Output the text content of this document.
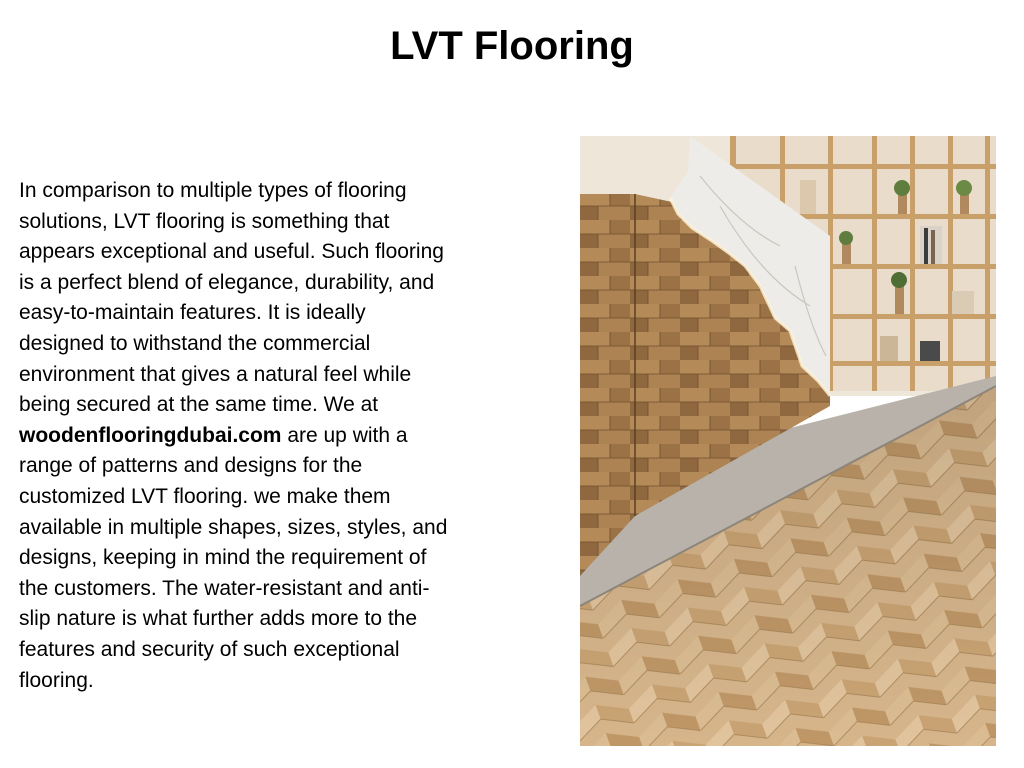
LVT Flooring
In comparison to multiple types of flooring solutions, LVT flooring is something that appears exceptional and useful. Such flooring is a perfect blend of elegance, durability, and easy-to-maintain features. It is ideally designed to withstand the commercial environment that gives a natural feel while being secured at the same time. We at woodenflooringdubai.com are up with a range of patterns and designs for the customized LVT flooring. we make them available in multiple shapes, sizes, styles, and designs, keeping in mind the requirement of the customers. The water-resistant and anti-slip nature is what further adds more to the features and security of such exceptional flooring.
